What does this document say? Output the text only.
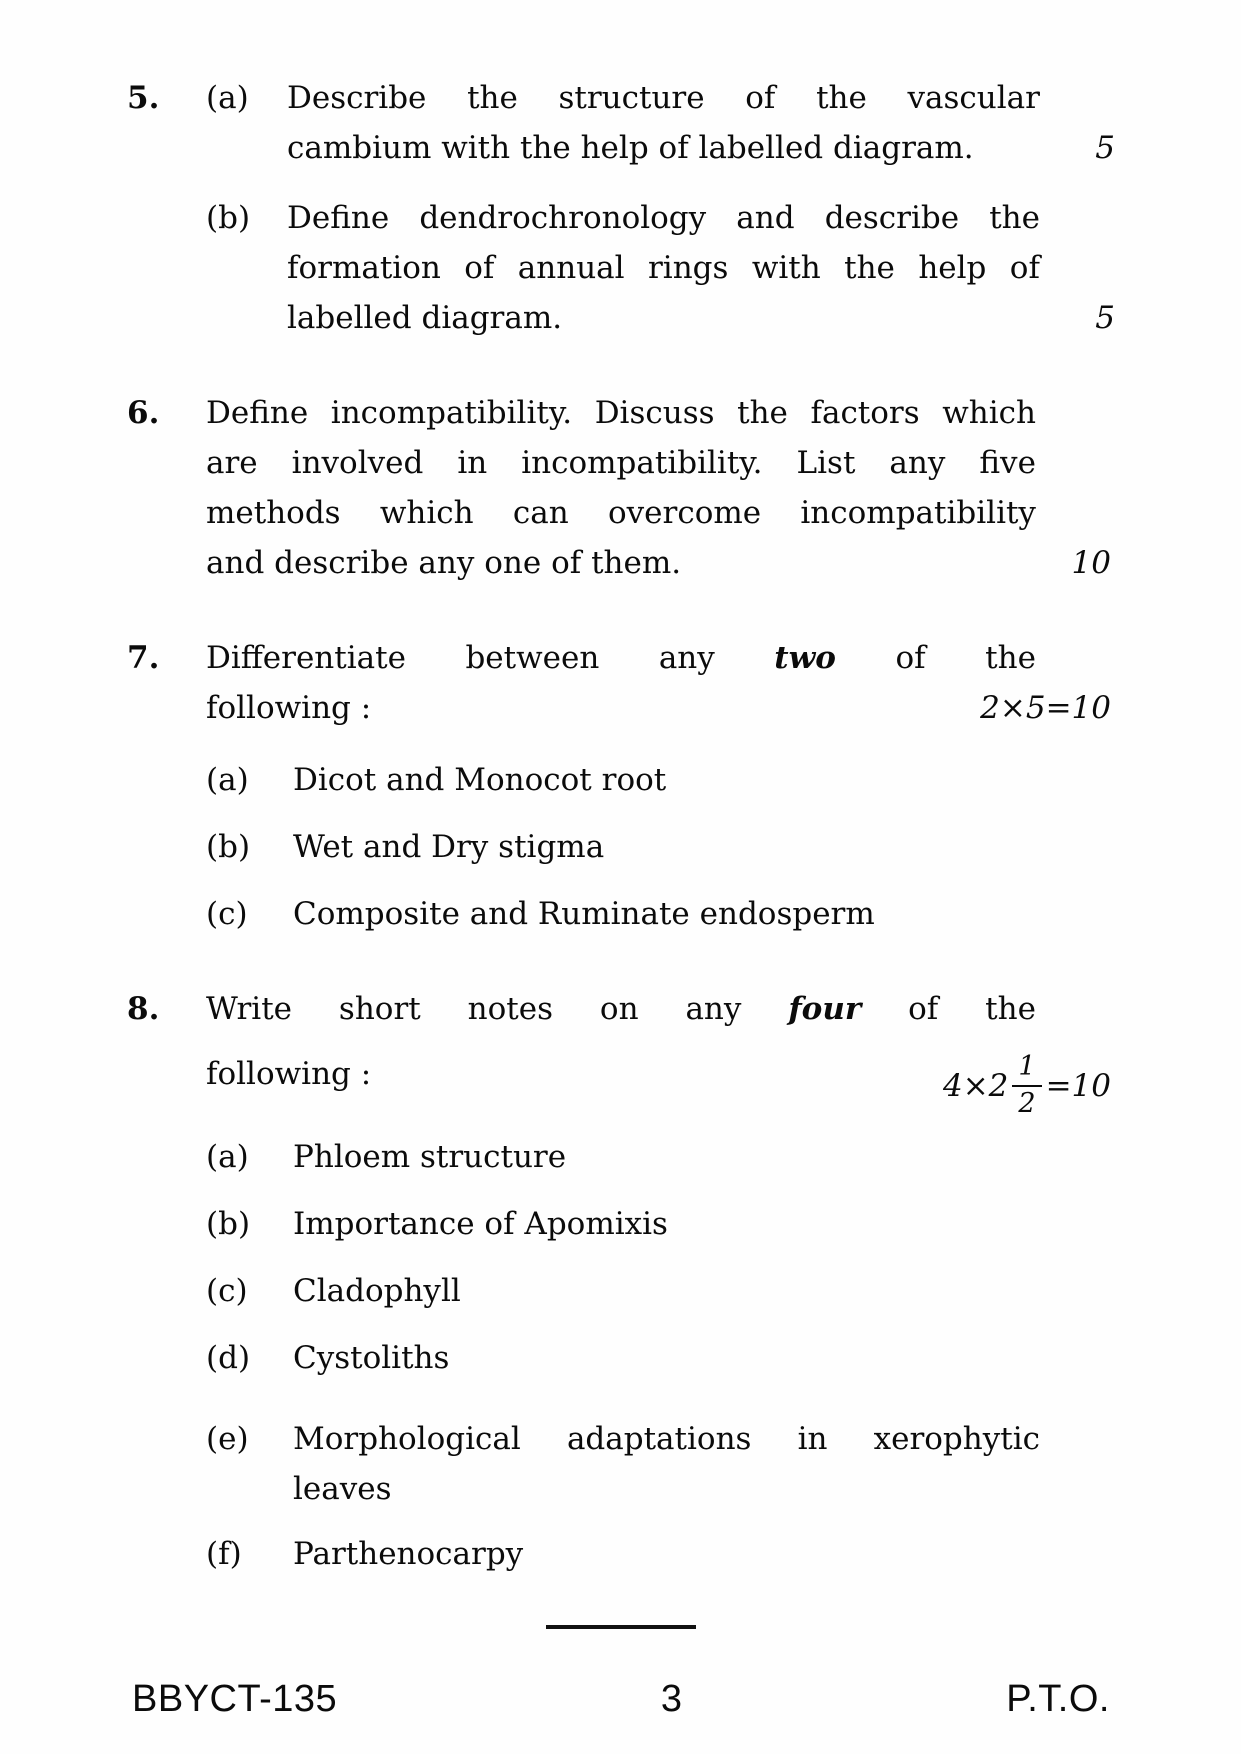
5.	(a)	Describe the structure of the vascular
cambium with the help of labelled diagram.	5
(b)	Define dendrochronology and describe the
formation of annual rings with the help of
labelled diagram.	5
6.	Define incompatibility. Discuss the factors which
are involved in incompatibility. List any five
methods which can overcome incompatibility
and describe any one of them.	10
7.	Differentiate between any two of the
following :	2×5=10
(a)	Dicot and Monocot root
(b)	Wet and Dry stigma
(c)	Composite and Ruminate endosperm
8.	Write short notes on any four of the
following :	$4\times 2 \frac{1}{2} =10$
(a)	Phloem structure
(b)	Importance of Apomixis
(c)	Cladophyll
(d)	Cystoliths
(e)	Morphological adaptations in xerophytic
leaves
(f)	Parthenocarpy
BBYCT-135	3	P.T.O.
